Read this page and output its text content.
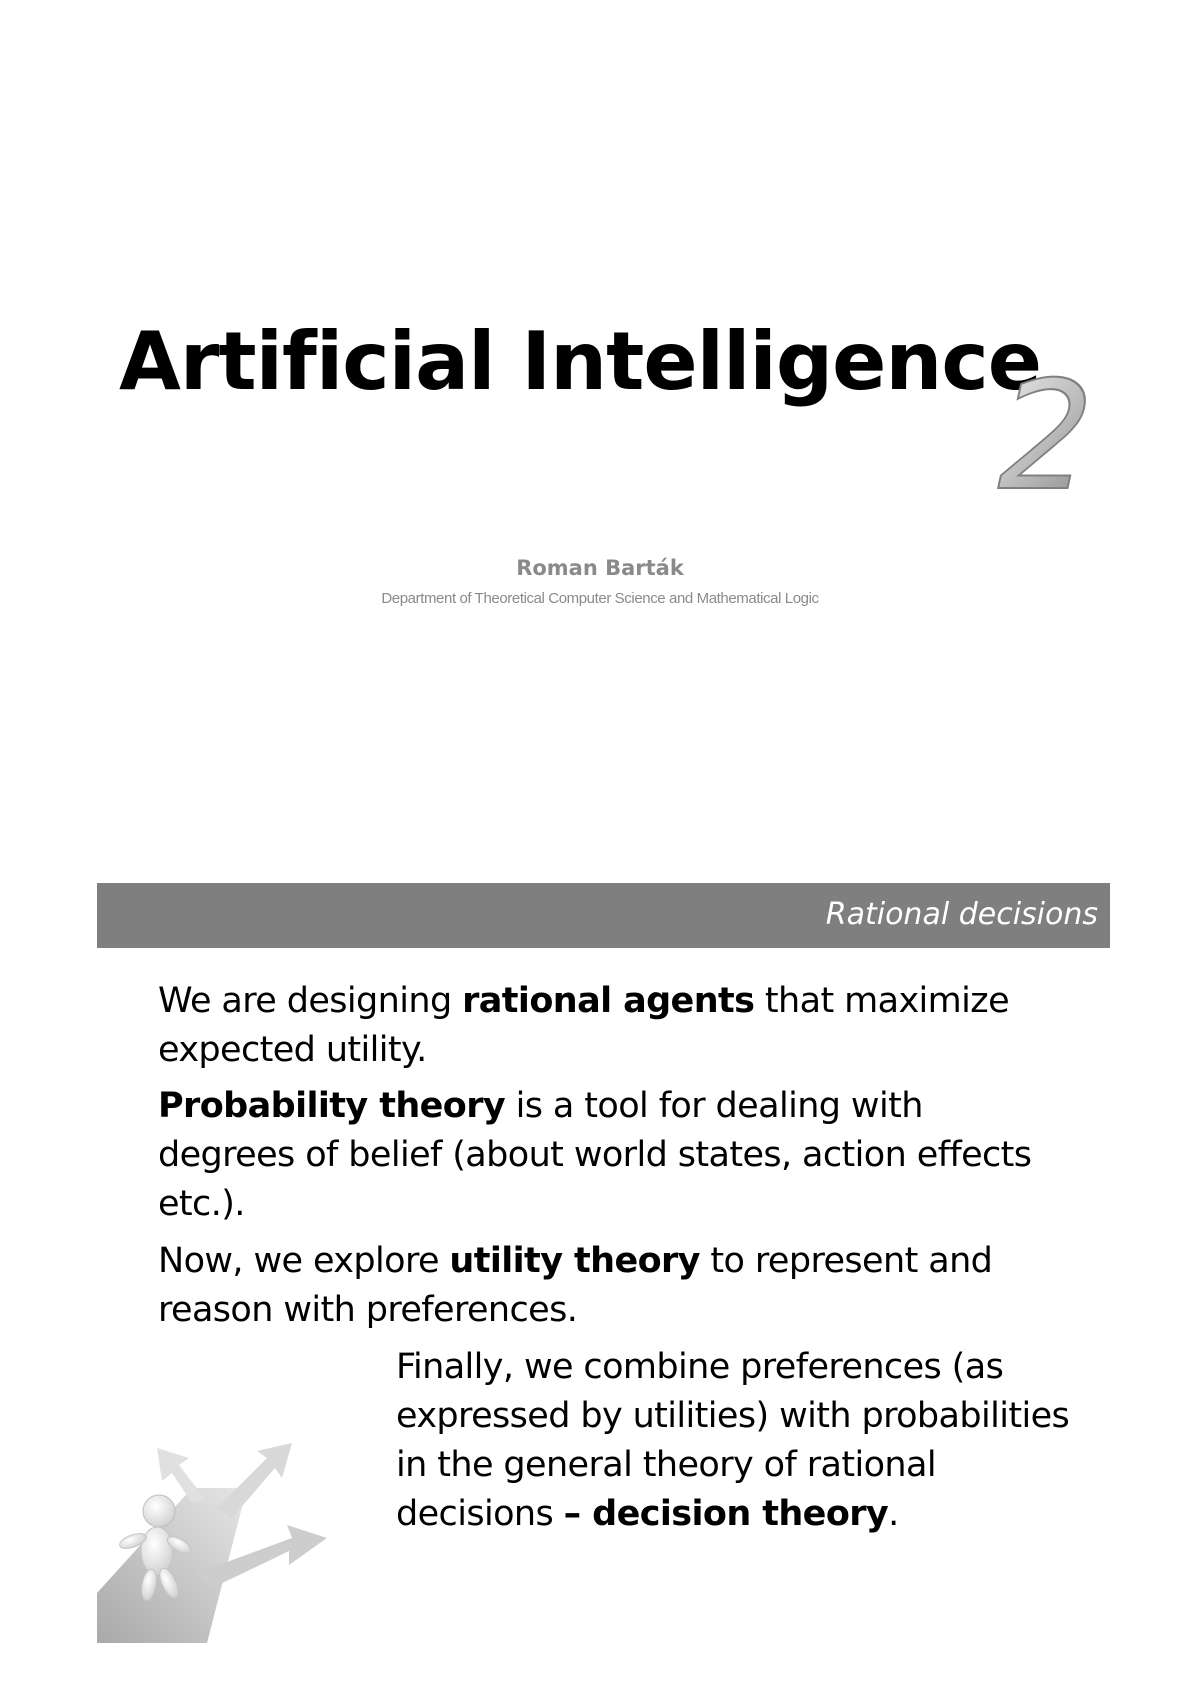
Artificial Intelligence
2

Roman Barták

Department of Theoretical Computer Science and Mathematical Logic

Rational decisions

We are designing rational agents that maximize expected utility.

Probability theory is a tool for dealing with degrees of belief (about world states, action effects etc.).

Now, we explore utility theory to represent and reason with preferences.

Finally, we combine preferences (as expressed by utilities) with probabilities in the general theory of rational decisions – decision theory.
